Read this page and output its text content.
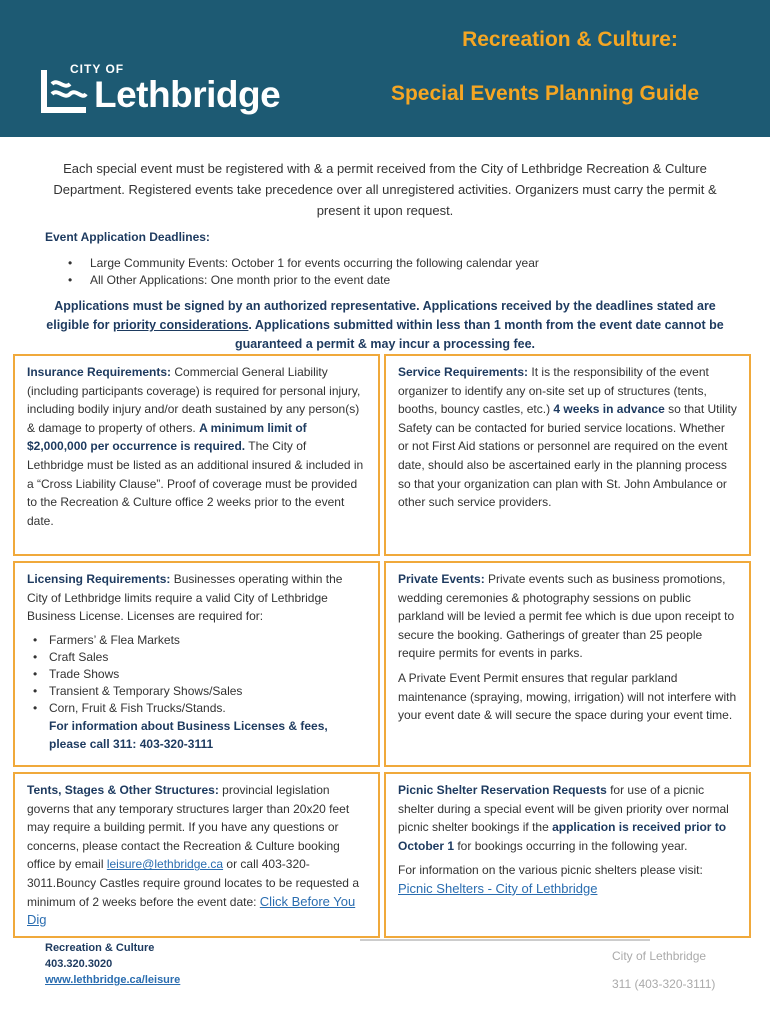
CITY OF
Lethbridge
Recreation & Culture:
Special Events Planning Guide
Each special event must be registered with & a permit received from the City of Lethbridge Recreation & Culture Department. Registered events take precedence over all unregistered activities. Organizers must carry the permit & present it upon request.
Event Application Deadlines:
• Large Community Events: October 1 for events occurring the following calendar year
• All Other Applications: One month prior to the event date
Applications must be signed by an authorized representative. Applications received by the deadlines stated are eligible for priority considerations. Applications submitted within less than 1 month from the event date cannot be guaranteed a permit & may incur a processing fee.
Insurance Requirements: Commercial General Liability (including participants coverage) is required for personal injury, including bodily injury and/or death sustained by any person(s) & damage to property of others. A minimum limit of $2,000,000 per occurrence is required. The City of Lethbridge must be listed as an additional insured & included in a “Cross Liability Clause”. Proof of coverage must be provided to the Recreation & Culture office 2 weeks prior to the event date.
Service Requirements: It is the responsibility of the event organizer to identify any on-site set up of structures (tents, booths, bouncy castles, etc.) 4 weeks in advance so that Utility Safety can be contacted for buried service locations. Whether or not First Aid stations or personnel are required on the event date, should also be ascertained early in the planning process so that your organization can plan with St. John Ambulance or other such service providers.
Licensing Requirements: Businesses operating within the City of Lethbridge limits require a valid City of Lethbridge Business License. Licenses are required for:
• Farmers’ & Flea Markets
• Craft Sales
• Trade Shows
• Transient & Temporary Shows/Sales
• Corn, Fruit & Fish Trucks/Stands.
For information about Business Licenses & fees, please call 311: 403-320-3111
Private Events: Private events such as business promotions, wedding ceremonies & photography sessions on public parkland will be levied a permit fee which is due upon receipt to secure the booking. Gatherings of greater than 25 people require permits for events in parks.
A Private Event Permit ensures that regular parkland maintenance (spraying, mowing, irrigation) will not interfere with your event date & will secure the space during your event time.
Tents, Stages & Other Structures: provincial legislation governs that any temporary structures larger than 20x20 feet may require a building permit. If you have any questions or concerns, please contact the Recreation & Culture booking office by email leisure@lethbridge.ca or call 403-320-3011.Bouncy Castles require ground locates to be requested a minimum of 2 weeks before the event date: Click Before You Dig
Picnic Shelter Reservation Requests for use of a picnic shelter during a special event will be given priority over normal picnic shelter bookings if the application is received prior to October 1 for bookings occurring in the following year.
For information on the various picnic shelters please visit:
Picnic Shelters - City of Lethbridge
Recreation & Culture
403.320.3020
www.lethbridge.ca/leisure
City of Lethbridge
311 (403-320-3111)
